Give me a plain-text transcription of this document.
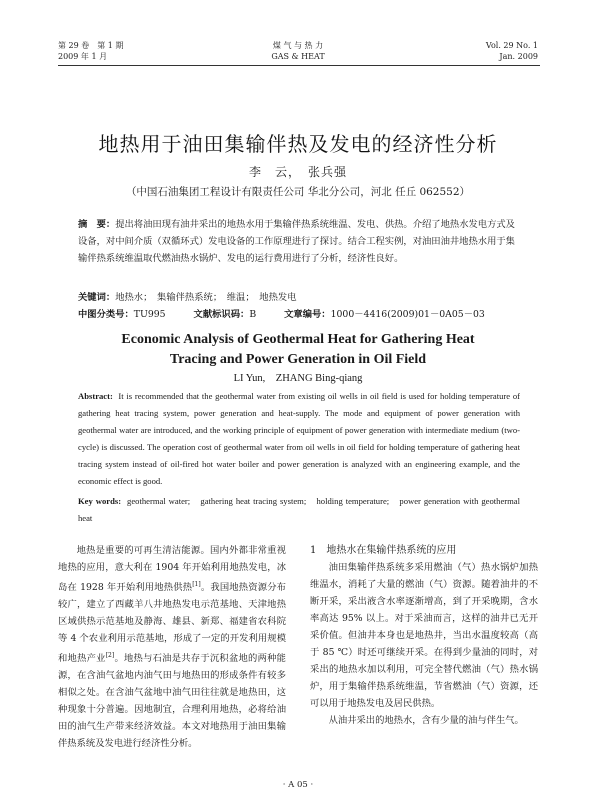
第 29 卷　第 1 期
2009 年 1 月
煤 气 与 热 力
GAS & HEAT
Vol. 29 No. 1
Jan. 2009
地热用于油田集输伴热及发电的经济性分析
李　云，　张兵强
（中国石油集团工程设计有限责任公司 华北分公司，河北 任丘 062552）
摘　要：提出将油田现有油井采出的地热水用于集输伴热系统维温、发电、供热。介绍了地热水发电方式及设备，对中间介质（双循环式）发电设备的工作原理进行了探讨。结合工程实例，对油田油井地热水用于集输伴热系统维温取代燃油热水锅炉、发电的运行费用进行了分析，经济性良好。
关键词：地热水；　集输伴热系统；　维温；　地热发电
中图分类号：TU995	文献标识码：B	文章编号：1000－4416(2009)01－0A05－03
Economic Analysis of Geothermal Heat for Gathering Heat
Tracing and Power Generation in Oil Field
LI Yun,　ZHANG Bing-qiang
Abstract: It is recommended that the geothermal water from existing oil wells in oil field is used for holding temperature of gathering heat tracing system, power generation and heat-supply. The mode and equipment of power generation with geothermal water are introduced, and the working principle of equipment of power generation with intermediate medium (two-cycle) is discussed. The operation cost of geothermal water from oil wells in oil field for holding temperature of gathering heat tracing system instead of oil-fired hot water boiler and power generation is analyzed with an engineering example, and the economic effect is good.
Key words: geothermal water;　gathering heat tracing system;　holding temperature;　power generation with geothermal heat

地热是重要的可再生清洁能源。国内外都非常重视地热的应用，意大利在 1904 年开始利用地热发电，冰岛在 1928 年开始利用地热供热[1]。我国地热资源分布较广，建立了西藏羊八井地热发电示范基地、天津地热区域供热示范基地及静海、雄县、新郑、福建省农科院等 4 个农业利用示范基地，形成了一定的开发利用规模和地热产业[2]。地热与石油是共存于沉积盆地的两种能源，在含油气盆地内油气田与地热田的形成条件有较多相似之处。在含油气盆地中油气田往往就是地热田，这种现象十分普遍。因地制宜，合理利用地热，必将给油田的油气生产带来经济效益。本文对地热用于油田集输伴热系统及发电进行经济性分析。

1　地热水在集输伴热系统的应用

油田集输伴热系统多采用燃油（气）热水锅炉加热维温水，消耗了大量的燃油（气）资源。随着油井的不断开采，采出液含水率逐渐增高，到了开采晚期，含水率高达 95% 以上。对于采油而言，这样的油井已无开采价值。但油井本身也是地热井，当出水温度较高（高于 85 ℃）时还可继续开采。在得到少量油的同时，对采出的地热水加以利用，可完全替代燃油（气）热水锅炉，用于集输伴热系统维温，节省燃油（气）资源，还可以用于地热发电及居民供热。

从油井采出的地热水，含有少量的油与伴生气。

· A 05 ·
